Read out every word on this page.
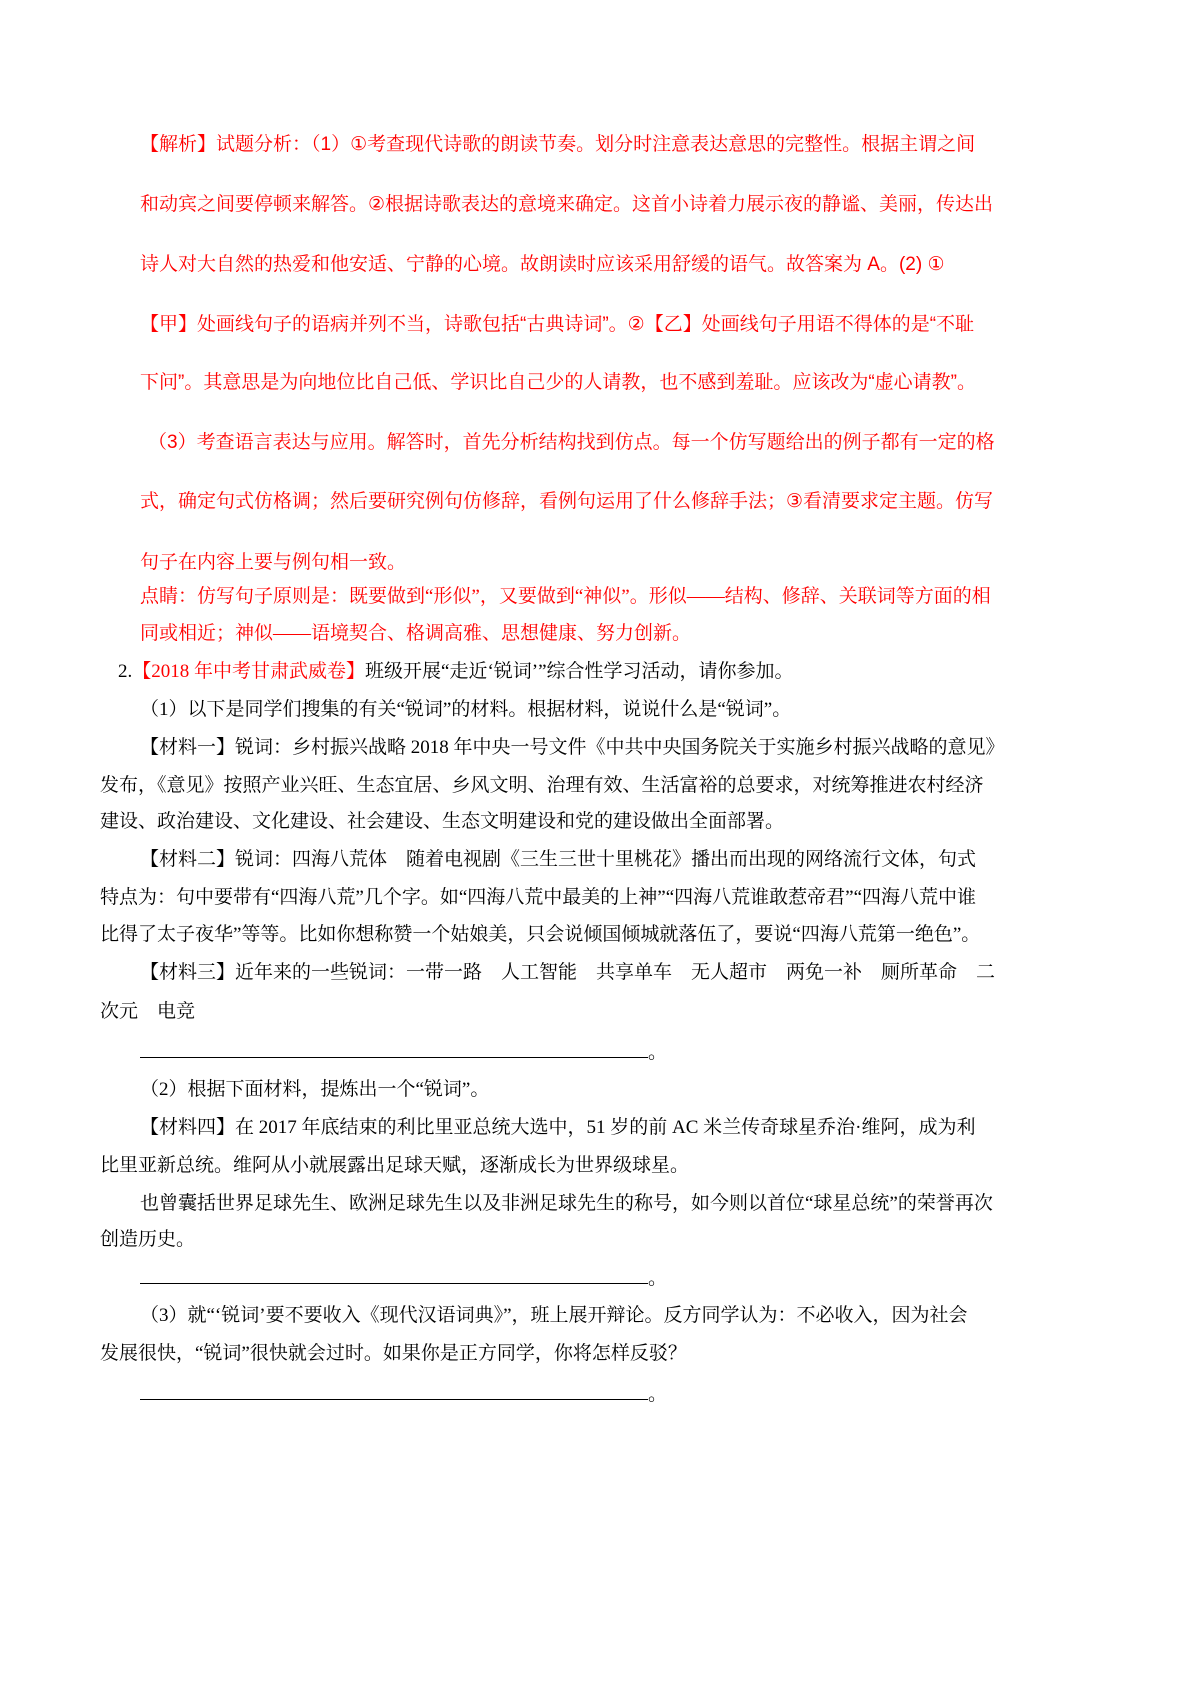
【解析】试题分析：（1）①考查现代诗歌的朗读节奏。划分时注意表达意思的完整性。根据主谓之间
和动宾之间要停顿来解答。②根据诗歌表达的意境来确定。这首小诗着力展示夜的静谧、美丽，传达出
诗人对大自然的热爱和他安适、宁静的心境。故朗读时应该采用舒缓的语气。故答案为 A。(2) ①
【甲】处画线句子的语病并列不当，诗歌包括“古典诗词”。②【乙】处画线句子用语不得体的是“不耻
下问”。其意思是为向地位比自己低、学识比自己少的人请教，也不感到羞耻。应该改为“虚心请教”。
（3）考查语言表达与应用。解答时，首先分析结构找到仿点。每一个仿写题给出的例子都有一定的格
式，确定句式仿格调；然后要研究例句仿修辞，看例句运用了什么修辞手法；③看清要求定主题。仿写
句子在内容上要与例句相一致。
点睛：仿写句子原则是：既要做到“形似”，又要做到“神似”。形似——结构、修辞、关联词等方面的相
同或相近；神似——语境契合、格调高雅、思想健康、努力创新。
2.【2018 年中考甘肃武威卷】班级开展“走近‘锐词’”综合性学习活动，请你参加。
（1）以下是同学们搜集的有关“锐词”的材料。根据材料，说说什么是“锐词”。
【材料一】锐词：乡村振兴战略 2018 年中央一号文件《中共中央国务院关于实施乡村振兴战略的意见》
发布，《意见》按照产业兴旺、生态宜居、乡风文明、治理有效、生活富裕的总要求，对统筹推进农村经济
建设、政治建设、文化建设、社会建设、生态文明建设和党的建设做出全面部署。
【材料二】锐词：四海八荒体　随着电视剧《三生三世十里桃花》播出而出现的网络流行文体，句式
特点为：句中要带有“四海八荒”几个字。如“四海八荒中最美的上神”“四海八荒谁敢惹帝君”“四海八荒中谁
比得了太子夜华”等等。比如你想称赞一个姑娘美，只会说倾国倾城就落伍了，要说“四海八荒第一绝色”。
【材料三】近年来的一些锐词：一带一路　人工智能　共享单车　无人超市　两免一补　厕所革命　二
次元　电竞
。
（2）根据下面材料，提炼出一个“锐词”。
【材料四】在 2017 年底结束的利比里亚总统大选中，51 岁的前 AC 米兰传奇球星乔治·维阿，成为利
比里亚新总统。维阿从小就展露出足球天赋，逐渐成长为世界级球星。
也曾囊括世界足球先生、欧洲足球先生以及非洲足球先生的称号，如今则以首位“球星总统”的荣誉再次
创造历史。
。
（3）就“‘锐词’要不要收入《现代汉语词典》”，班上展开辩论。反方同学认为：不必收入，因为社会
发展很快，“锐词”很快就会过时。如果你是正方同学，你将怎样反驳？
。
